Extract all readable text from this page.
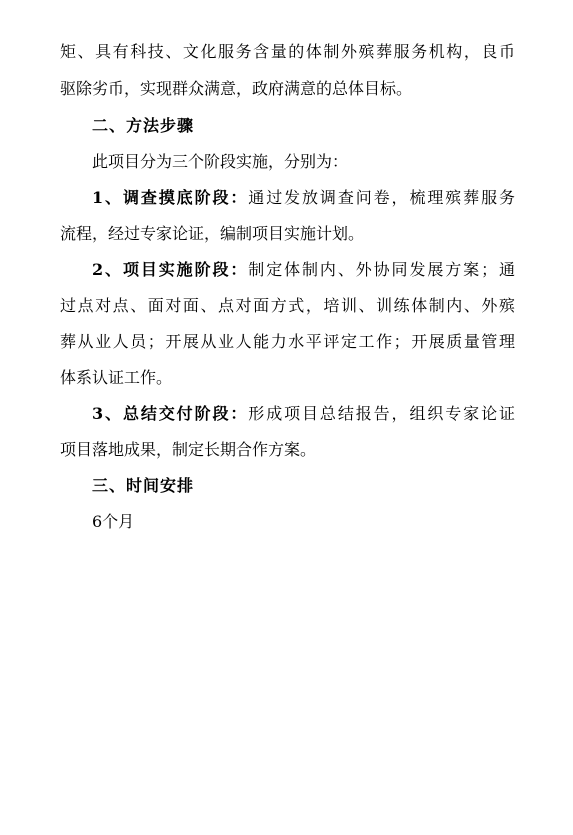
矩、具有科技、文化服务含量的体制外殡葬服务机构，良币
驱除劣币，实现群众满意，政府满意的总体目标。
二、方法步骤
此项目分为三个阶段实施，分别为：
1、调查摸底阶段：通过发放调查问卷，梳理殡葬服务
流程，经过专家论证，编制项目实施计划。
2、项目实施阶段：制定体制内、外协同发展方案；通
过点对点、面对面、点对面方式，培训、训练体制内、外殡
葬从业人员；开展从业人能力水平评定工作；开展质量管理
体系认证工作。
3、总结交付阶段：形成项目总结报告，组织专家论证
项目落地成果，制定长期合作方案。
三、时间安排
6个月
